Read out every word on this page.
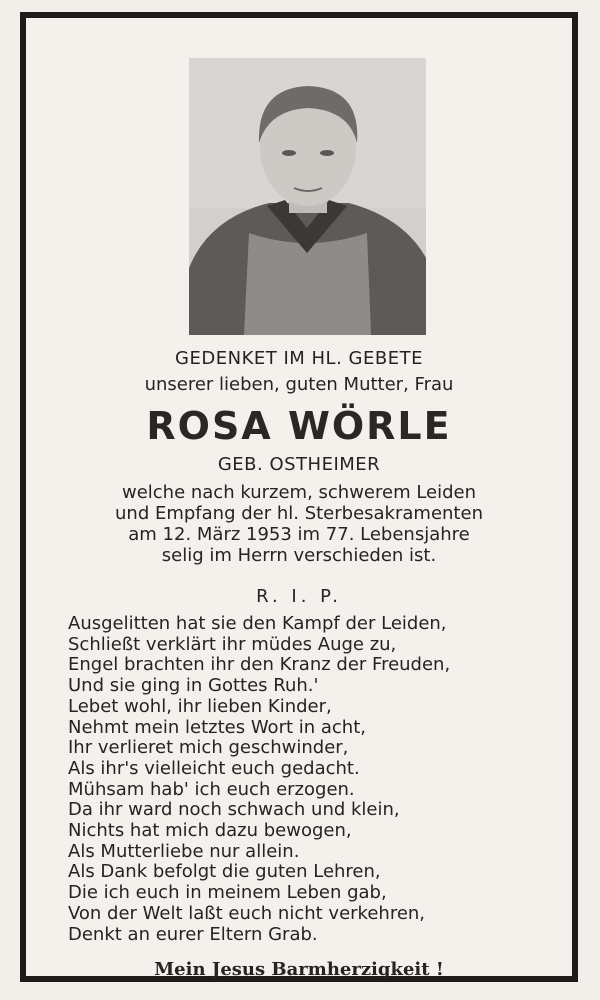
GEDENKET IM HL. GEBETE
unserer lieben, guten Mutter, Frau
ROSA WÖRLE
GEB. OSTHEIMER
welche nach kurzem, schwerem Leiden
und Empfang der hl. Sterbesakramenten
am 12. März 1953 im 77. Lebensjahre
selig im Herrn verschieden ist.
R. I. P.
Ausgelitten hat sie den Kampf der Leiden,
Schließt verklärt ihr müdes Auge zu,
Engel brachten ihr den Kranz der Freuden,
Und sie ging in Gottes Ruh.'
Lebet wohl, ihr lieben Kinder,
Nehmt mein letztes Wort in acht,
Ihr verlieret mich geschwinder,
Als ihr's vielleicht euch gedacht.
Mühsam hab' ich euch erzogen.
Da ihr ward noch schwach und klein,
Nichts hat mich dazu bewogen,
Als Mutterliebe nur allein.
Als Dank befolgt die guten Lehren,
Die ich euch in meinem Leben gab,
Von der Welt laßt euch nicht verkehren,
Denkt an eurer Eltern Grab.
Mein Jesus Barmherzigkeit !
